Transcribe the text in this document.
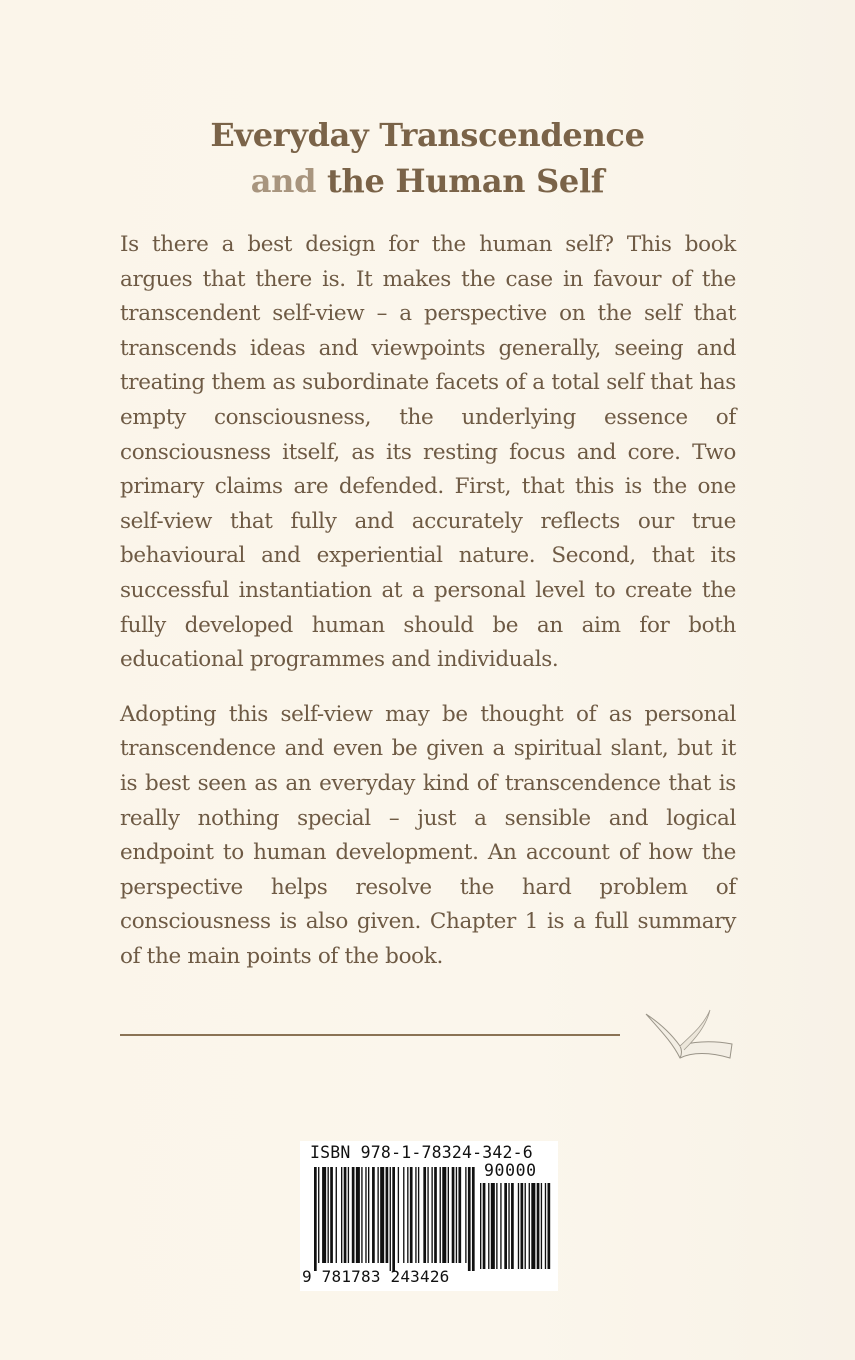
Everyday Transcendence
and the Human Self

Is there a best design for the human self? This book argues that there is. It makes the case in favour of the transcendent self-view – a perspective on the self that transcends ideas and viewpoints generally, seeing and treating them as subordinate facets of a total self that has empty consciousness, the underlying essence of consciousness itself, as its resting focus and core. Two primary claims are defended. First, that this is the one self-view that fully and accurately reflects our true behavioural and experiential nature. Second, that its successful instantiation at a personal level to create the fully developed human should be an aim for both educational programmes and individuals.

Adopting this self-view may be thought of as personal transcendence and even be given a spiritual slant, but it is best seen as an everyday kind of transcendence that is really nothing special – just a sensible and logical endpoint to human development. An account of how the perspective helps resolve the hard problem of consciousness is also given. Chapter 1 is a full summary of the main points of the book.

ISBN 978-1-78324-342-6
90000
9 781783 243426
